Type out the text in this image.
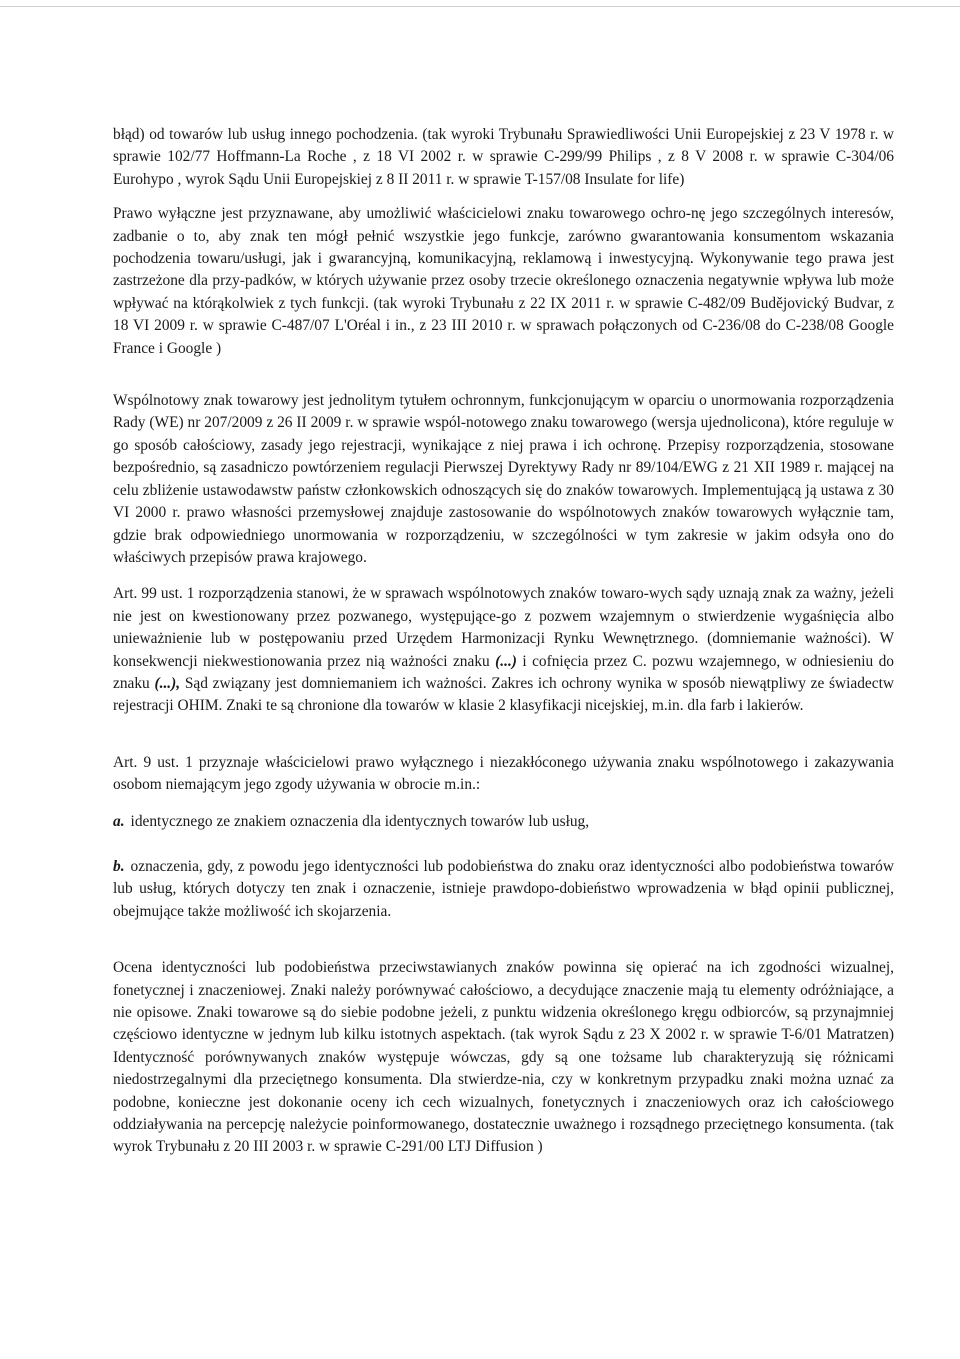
błąd) od towarów lub usług innego pochodzenia. (tak wyroki Trybunału Sprawiedliwości Unii Europejskiej z 23 V 1978 r. w sprawie 102/77 Hoffmann-La Roche , z 18 VI 2002 r. w sprawie C-299/99 Philips , z 8 V 2008 r. w sprawie C-304/06 Eurohypo , wyrok Sądu Unii Europejskiej z 8 II 2011 r. w sprawie T-157/08 Insulate for life)

Prawo wyłączne jest przyznawane, aby umożliwić właścicielowi znaku towarowego ochro-nę jego szczególnych interesów, zadbanie o to, aby znak ten mógł pełnić wszystkie jego funkcje, zarówno gwarantowania konsumentom wskazania pochodzenia towaru/usługi, jak i gwarancyjną, komunikacyjną, reklamową i inwestycyjną. Wykonywanie tego prawa jest zastrzeżone dla przy-padków, w których używanie przez osoby trzecie określonego oznaczenia negatywnie wpływa lub może wpływać na którąkolwiek z tych funkcji. (tak wyroki Trybunału z 22 IX 2011 r. w sprawie C-482/09 Budějovický Budvar, z 18 VI 2009 r. w sprawie C-487/07 L'Oréal i in., z 23 III 2010 r. w sprawach połączonych od C-236/08 do C-238/08 Google France i Google )

Wspólnotowy znak towarowy jest jednolitym tytułem ochronnym, funkcjonującym w oparciu o unormowania rozporządzenia Rady (WE) nr 207/2009 z 26 II 2009 r. w sprawie wspól-notowego znaku towarowego (wersja ujednolicona), które reguluje w go sposób całościowy, zasady jego rejestracji, wynikające z niej prawa i ich ochronę. Przepisy rozporządzenia, stosowane bezpośrednio, są zasadniczo powtórzeniem regulacji Pierwszej Dyrektywy Rady nr 89/104/EWG z 21 XII 1989 r. mającej na celu zbliżenie ustawodawstw państw członkowskich odnoszących się do znaków towarowych. Implementującą ją ustawa z 30 VI 2000 r. prawo własności przemysłowej znajduje zastosowanie do wspólnotowych znaków towarowych wyłącznie tam, gdzie brak odpowiedniego unormowania w rozporządzeniu, w szczególności w tym zakresie w jakim odsyła ono do właściwych przepisów prawa krajowego.

Art. 99 ust. 1 rozporządzenia stanowi, że w sprawach wspólnotowych znaków towaro-wych sądy uznają znak za ważny, jeżeli nie jest on kwestionowany przez pozwanego, występujące-go z pozwem wzajemnym o stwierdzenie wygaśnięcia albo unieważnienie lub w postępowaniu przed Urzędem Harmonizacji Rynku Wewnętrznego. (domniemanie ważności). W konsekwencji niekwestionowania przez nią ważności znaku (...) i cofnięcia przez C. pozwu wzajemnego, w odniesieniu do znaku (...), Sąd związany jest domniemaniem ich ważności. Zakres ich ochrony wynika w sposób niewątpliwy ze świadectw rejestracji OHIM. Znaki te są chronione dla towarów w klasie 2 klasyfikacji nicejskiej, m.in. dla farb i lakierów.

Art. 9 ust. 1 przyznaje właścicielowi prawo wyłącznego i niezakłóconego używania znaku wspólnotowego i zakazywania osobom niemającym jego zgody używania w obrocie m.in.:

a. identycznego ze znakiem oznaczenia dla identycznych towarów lub usług,

b. oznaczenia, gdy, z powodu jego identyczności lub podobieństwa do znaku oraz identyczności albo podobieństwa towarów lub usług, których dotyczy ten znak i oznaczenie, istnieje prawdopo-dobieństwo wprowadzenia w błąd opinii publicznej, obejmujące także możliwość ich skojarzenia.

Ocena identyczności lub podobieństwa przeciwstawianych znaków powinna się opierać na ich zgodności wizualnej, fonetycznej i znaczeniowej. Znaki należy porównywać całościowo, a decydujące znaczenie mają tu elementy odróżniające, a nie opisowe. Znaki towarowe są do siebie podobne jeżeli, z punktu widzenia określonego kręgu odbiorców, są przynajmniej częściowo identyczne w jednym lub kilku istotnych aspektach. (tak wyrok Sądu z 23 X 2002 r. w sprawie T-6/01 Matratzen) Identyczność porównywanych znaków występuje wówczas, gdy są one tożsame lub charakteryzują się różnicami niedostrzegalnymi dla przeciętnego konsumenta. Dla stwierdze-nia, czy w konkretnym przypadku znaki można uznać za podobne, konieczne jest dokonanie oceny ich cech wizualnych, fonetycznych i znaczeniowych oraz ich całościowego oddziaływania na percepcję należycie poinformowanego, dostatecznie uważnego i rozsądnego przeciętnego konsumenta. (tak wyrok Trybunału z 20 III 2003 r. w sprawie C-291/00 LTJ Diffusion )
